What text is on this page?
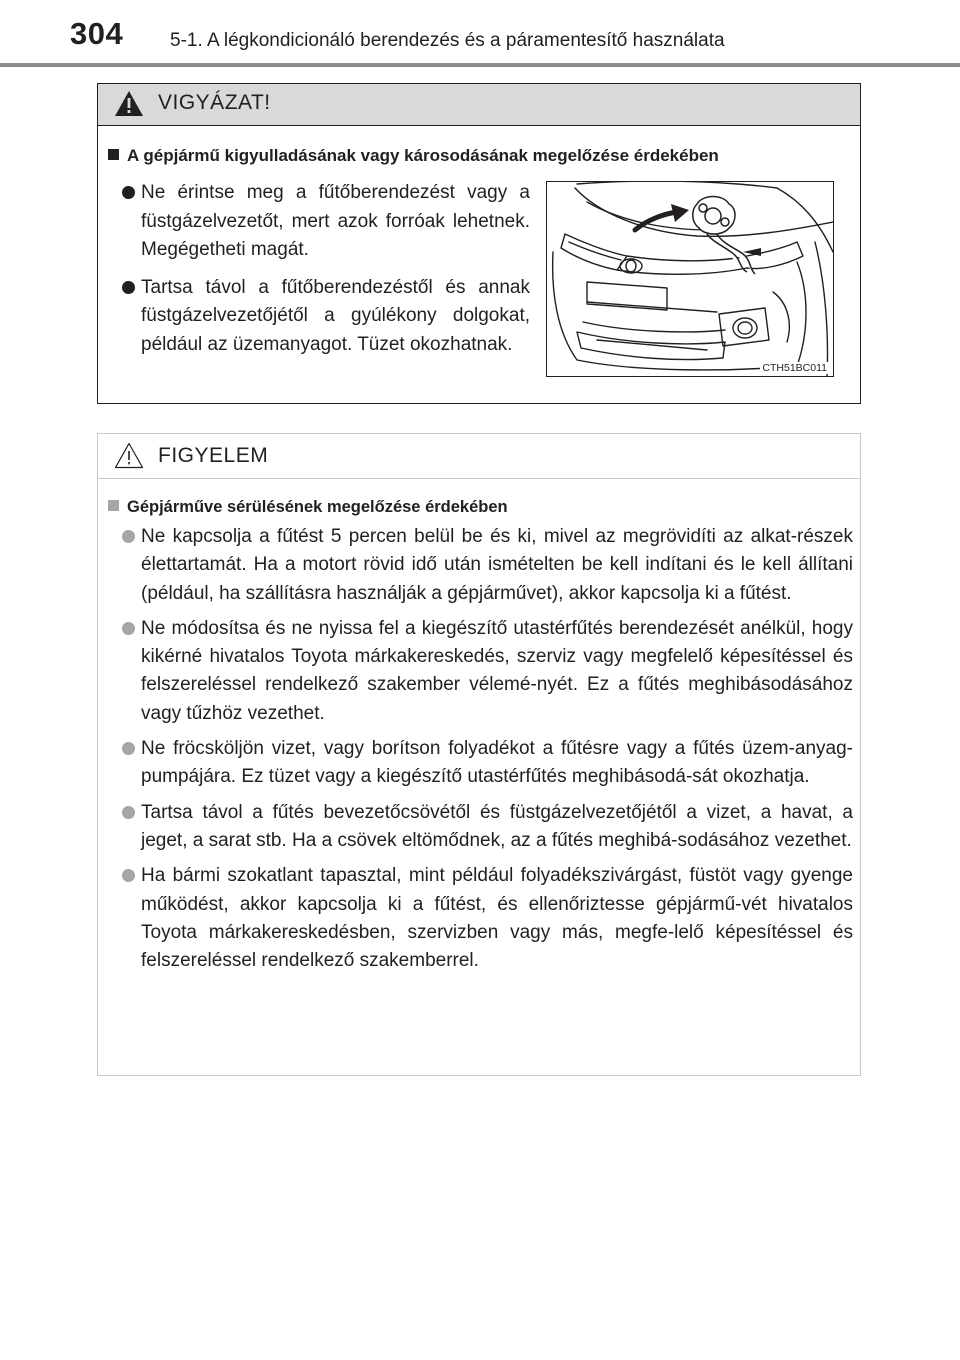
304 5-1. A légkondicionáló berendezés és a páramentesítő használata
VIGYÁZAT!
A gépjármű kigyulladásának vagy károsodásának megelőzése érdekében
Ne érintse meg a fűtőberendezést vagy a füstgázelvezetőt, mert azok forróak lehetnek. Megégetheti magát.
Tartsa távol a fűtőberendezéstől és annak füstgázelvezetőjétől a gyúlékony dolgokat, például az üzemanyagot. Tüzet okozhatnak.
CTH51BC011
FIGYELEM
Gépjárműve sérülésének megelőzése érdekében
Ne kapcsolja a fűtést 5 percen belül be és ki, mivel az megrövidíti az alkat-részek élettartamát. Ha a motort rövid idő után ismételten be kell indítani és le kell állítani (például, ha szállításra használják a gépjárművet), akkor kapcsolja ki a fűtést.
Ne módosítsa és ne nyissa fel a kiegészítő utastérfűtés berendezését anélkül, hogy kikérné hivatalos Toyota márkakereskedés, szerviz vagy megfelelő képesítéssel és felszereléssel rendelkező szakember vélemé-nyét. Ez a fűtés meghibásodásához vagy tűzhöz vezethet.
Ne fröcsköljön vizet, vagy borítson folyadékot a fűtésre vagy a fűtés üzem-anyag-pumpájára. Ez tüzet vagy a kiegészítő utastérfűtés meghibásodá-sát okozhatja.
Tartsa távol a fűtés bevezetőcsövétől és füstgázelvezetőjétől a vizet, a havat, a jeget, a sarat stb. Ha a csövek eltömődnek, az a fűtés meghibá-sodásához vezethet.
Ha bármi szokatlant tapasztal, mint például folyadékszivárgást, füstöt vagy gyenge működést, akkor kapcsolja ki a fűtést, és ellenőriztesse gépjármű-vét hivatalos Toyota márkakereskedésben, szervizben vagy más, megfe-lelő képesítéssel és felszereléssel rendelkező szakemberrel.
